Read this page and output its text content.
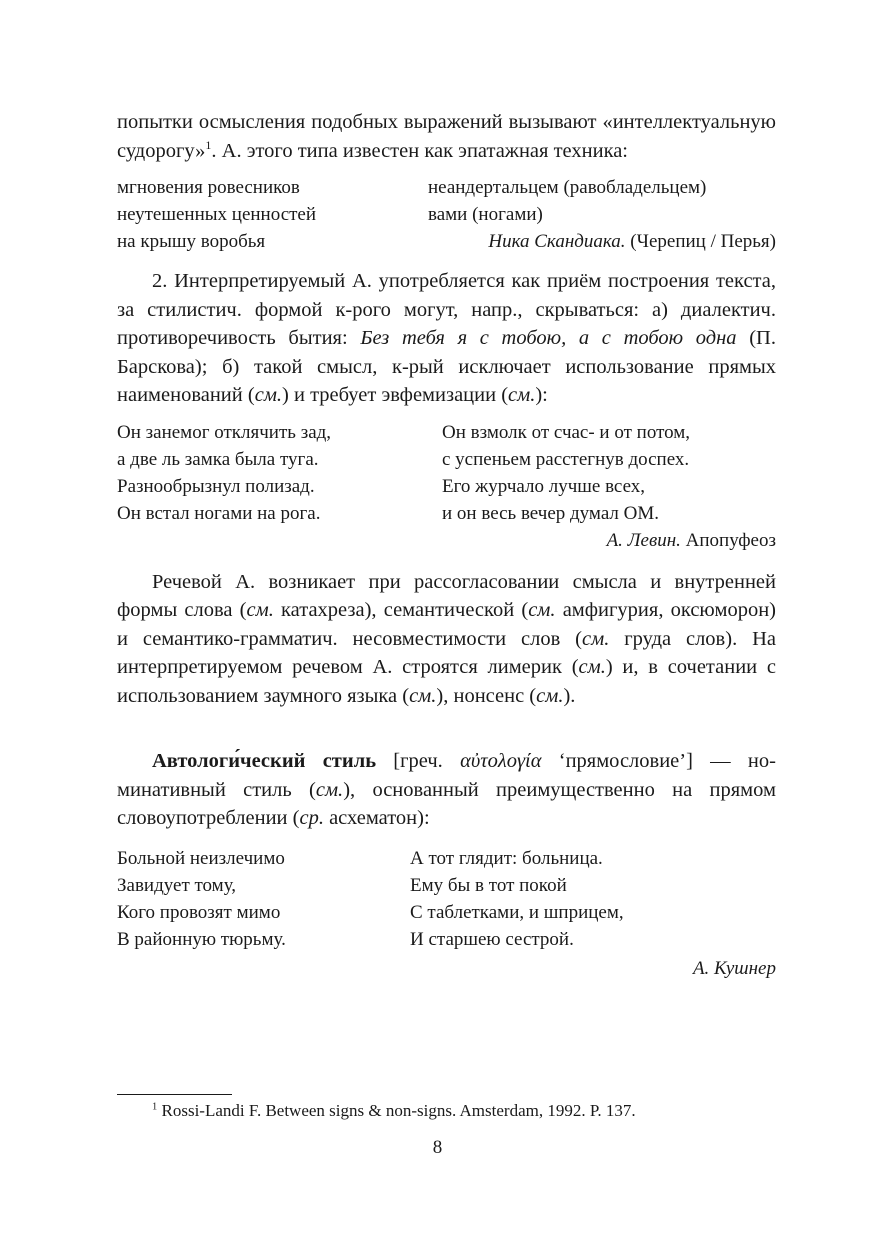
попытки осмысления подобных выражений вызывают «интеллектуальную судорогу»$^1$. А. этого типа известен как эпатажная техника:

мгновения ровесников
неутешенных ценностей
на крышу воробья
неандертальцем (равобладельцем)
вами (ногами)
Ника Скандиака. (Черепиц / Перья)

2. Интерпретируемый А. употребляется как приём построения текста, за стилистич. формой к-рого могут, напр., скрываться: а) диалектич. противоречивость бытия: Без тебя я с тобою, а с тобою одна (П. Барскова); б) такой смысл, к-рый исключает использование прямых наименований (см.) и требует эвфемизации (см.):

Он занемог отклячить зад,
а две ль замка была туга.
Разнообрызнул полизад.
Он встал ногами на рога.
Он взмолк от счас- и от потом,
с успеньем расстегнув доспех.
Его журчало лучше всех,
и он весь вечер думал ОМ.
А. Левин. Апопуфеоз

Речевой А. возникает при рассогласовании смысла и внутренней формы слова (см. катахреза), семантической (см. амфигурия, оксюморон) и семантико-грамматич. несовместимости слов (см. груда слов). На интерпретируемом речевом А. строятся лимерик (см.) и, в сочетании с использованием заумного языка (см.), нонсенс (см.).

Автологи́ческий стиль [греч. αὐτολογία ‘прямословие’] — номинативный стиль (см.), основанный преимущественно на прямом словоупотреблении (ср. асхематон):

Больной неизлечимо
Завидует тому,
Кого провозят мимо
В районную тюрьму.
А тот глядит: больница.
Ему бы в тот покой
С таблетками, и шприцем,
И старшею сестрой.
А. Кушнер
$^1$ Rossi-Landi F. Between signs & non-signs. Amsterdam, 1992. P. 137.
8
